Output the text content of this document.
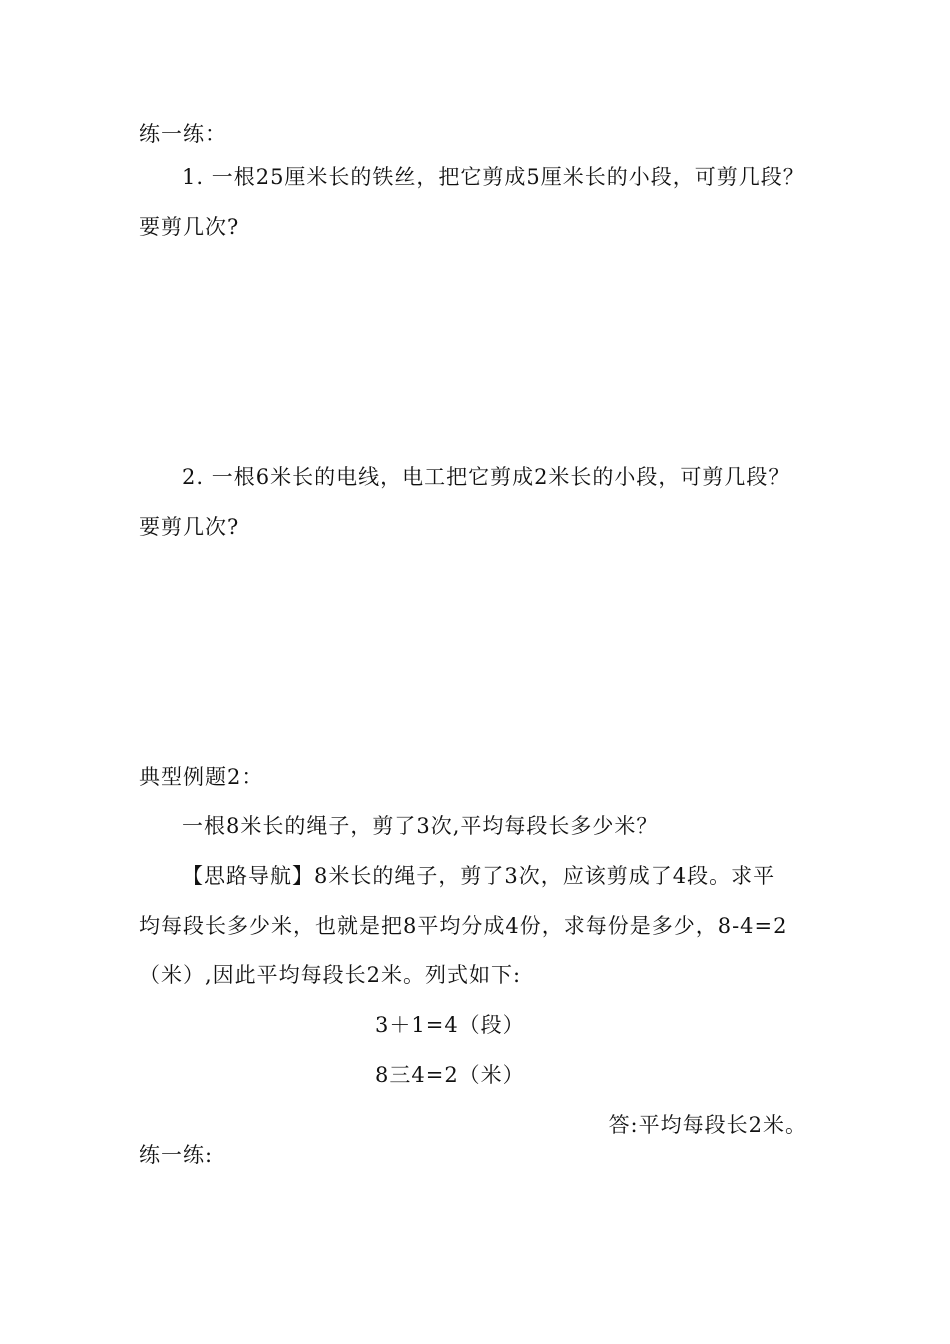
练一练：
1. 一根25厘米长的铁丝，把它剪成5厘米长的小段，可剪几段？
要剪几次?
2. 一根6米长的电线，电工把它剪成2米长的小段，可剪几段？
要剪几次?
典型例题2：
一根8米长的绳子，剪了3次,平均每段长多少米？
【思路导航】8米长的绳子，剪了3次，应该剪成了4段。求平
均每段长多少米，也就是把8平均分成4份，求每份是多少，8-4=2
（米）,因此平均每段长2米。列式如下:
3＋1=4（段）
8三4=2（米）
答:平均每段长2米。
练一练:
